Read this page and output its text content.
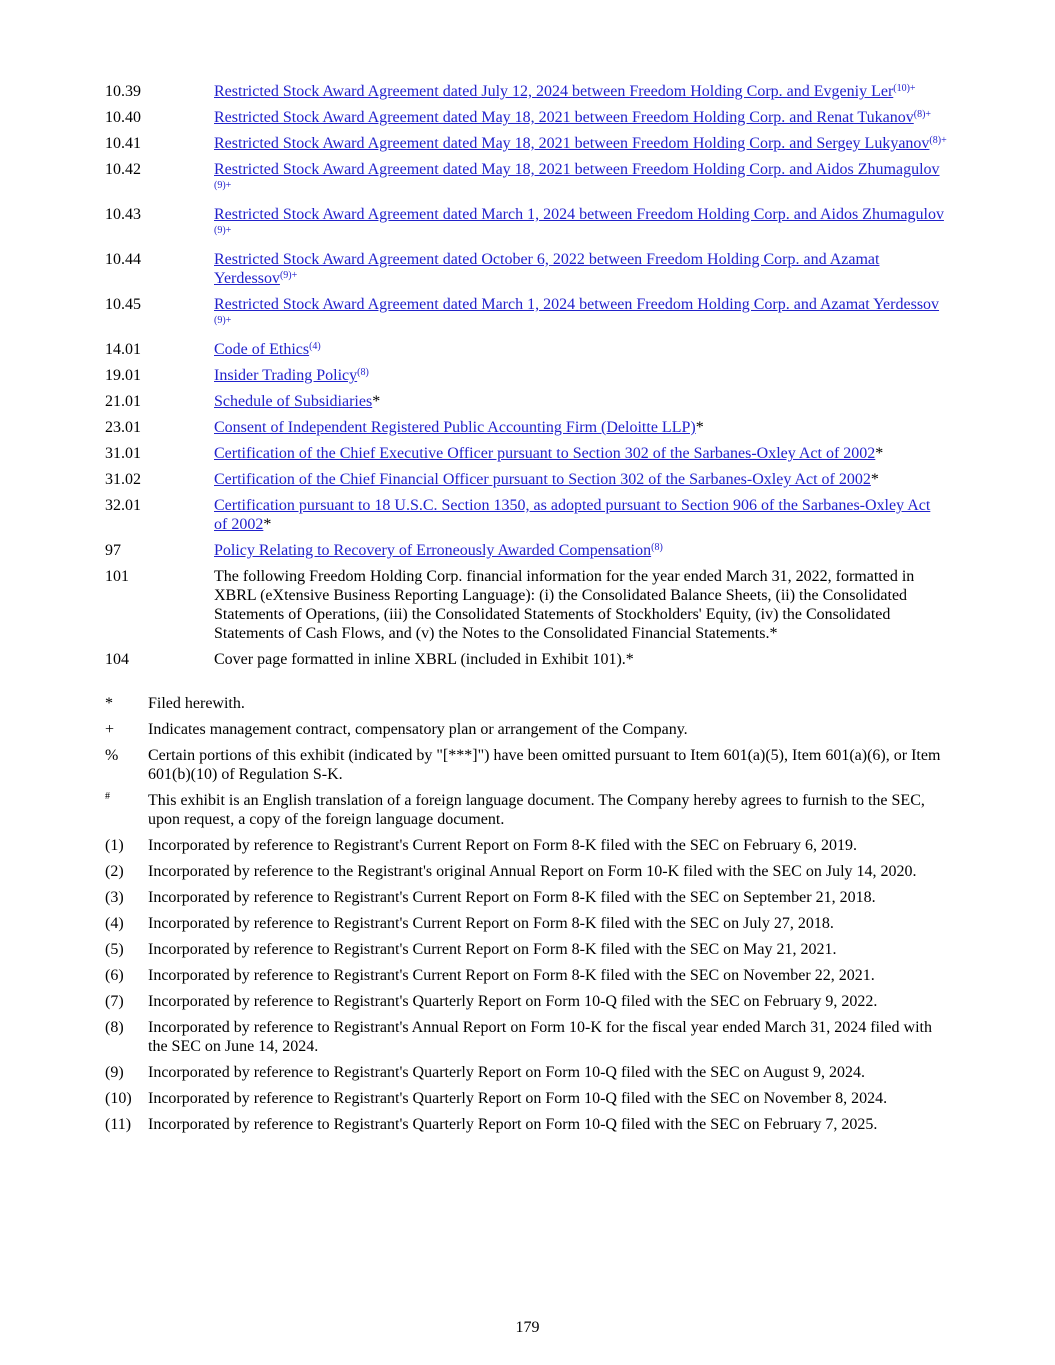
10.39	Restricted Stock Award Agreement dated July 12, 2024 between Freedom Holding Corp. and Evgeniy Ler$^{(10)+}$
10.40	Restricted Stock Award Agreement dated May 18, 2021 between Freedom Holding Corp. and Renat Tukanov$^{(8)+}$
10.41	Restricted Stock Award Agreement dated May 18, 2021 between Freedom Holding Corp. and Sergey Lukyanov$^{(8)+}$
10.42	Restricted Stock Award Agreement dated May 18, 2021 between Freedom Holding Corp. and Aidos Zhumagulov$^{(9)+}$
10.43	Restricted Stock Award Agreement dated March 1, 2024 between Freedom Holding Corp. and Aidos Zhumagulov$^{(9)+}$
10.44	Restricted Stock Award Agreement dated October 6, 2022 between Freedom Holding Corp. and Azamat Yerdessov$^{(9)+}$
10.45	Restricted Stock Award Agreement dated March 1, 2024 between Freedom Holding Corp. and Azamat Yerdessov$^{(9)+}$
14.01	Code of Ethics$^{(4)}$
19.01	Insider Trading Policy$^{(8)}$
21.01	Schedule of Subsidiaries*
23.01	Consent of Independent Registered Public Accounting Firm (Deloitte LLP)*
31.01	Certification of the Chief Executive Officer pursuant to Section 302 of the Sarbanes-Oxley Act of 2002*
31.02	Certification of the Chief Financial Officer pursuant to Section 302 of the Sarbanes-Oxley Act of 2002*
32.01	Certification pursuant to 18 U.S.C. Section 1350, as adopted pursuant to Section 906 of the Sarbanes-Oxley Act of 2002*
97	Policy Relating to Recovery of Erroneously Awarded Compensation$^{(8)}$
101	The following Freedom Holding Corp. financial information for the year ended March 31, 2022, formatted in XBRL (eXtensive Business Reporting Language): (i) the Consolidated Balance Sheets, (ii) the Consolidated Statements of Operations, (iii) the Consolidated Statements of Stockholders' Equity, (iv) the Consolidated Statements of Cash Flows, and (v) the Notes to the Consolidated Financial Statements.*
104	Cover page formatted in inline XBRL (included in Exhibit 101).*
*	Filed herewith.
+	Indicates management contract, compensatory plan or arrangement of the Company.
%	Certain portions of this exhibit (indicated by "[***]") have been omitted pursuant to Item 601(a)(5), Item 601(a)(6), or Item 601(b)(10) of Regulation S-K.
#	This exhibit is an English translation of a foreign language document. The Company hereby agrees to furnish to the SEC, upon request, a copy of the foreign language document.
(1)	Incorporated by reference to Registrant's Current Report on Form 8-K filed with the SEC on February 6, 2019.
(2)	Incorporated by reference to the Registrant's original Annual Report on Form 10-K filed with the SEC on July 14, 2020.
(3)	Incorporated by reference to Registrant's Current Report on Form 8-K filed with the SEC on September 21, 2018.
(4)	Incorporated by reference to Registrant's Current Report on Form 8-K filed with the SEC on July 27, 2018.
(5)	Incorporated by reference to Registrant's Current Report on Form 8-K filed with the SEC on May 21, 2021.
(6)	Incorporated by reference to Registrant's Current Report on Form 8-K filed with the SEC on November 22, 2021.
(7)	Incorporated by reference to Registrant's Quarterly Report on Form 10-Q filed with the SEC on February 9, 2022.
(8)	Incorporated by reference to Registrant's Annual Report on Form 10-K for the fiscal year ended March 31, 2024 filed with the SEC on June 14, 2024.
(9)	Incorporated by reference to Registrant's Quarterly Report on Form 10-Q filed with the SEC on August 9, 2024.
(10)	Incorporated by reference to Registrant's Quarterly Report on Form 10-Q filed with the SEC on November 8, 2024.
(11)	Incorporated by reference to Registrant's Quarterly Report on Form 10-Q filed with the SEC on February 7, 2025.
179
